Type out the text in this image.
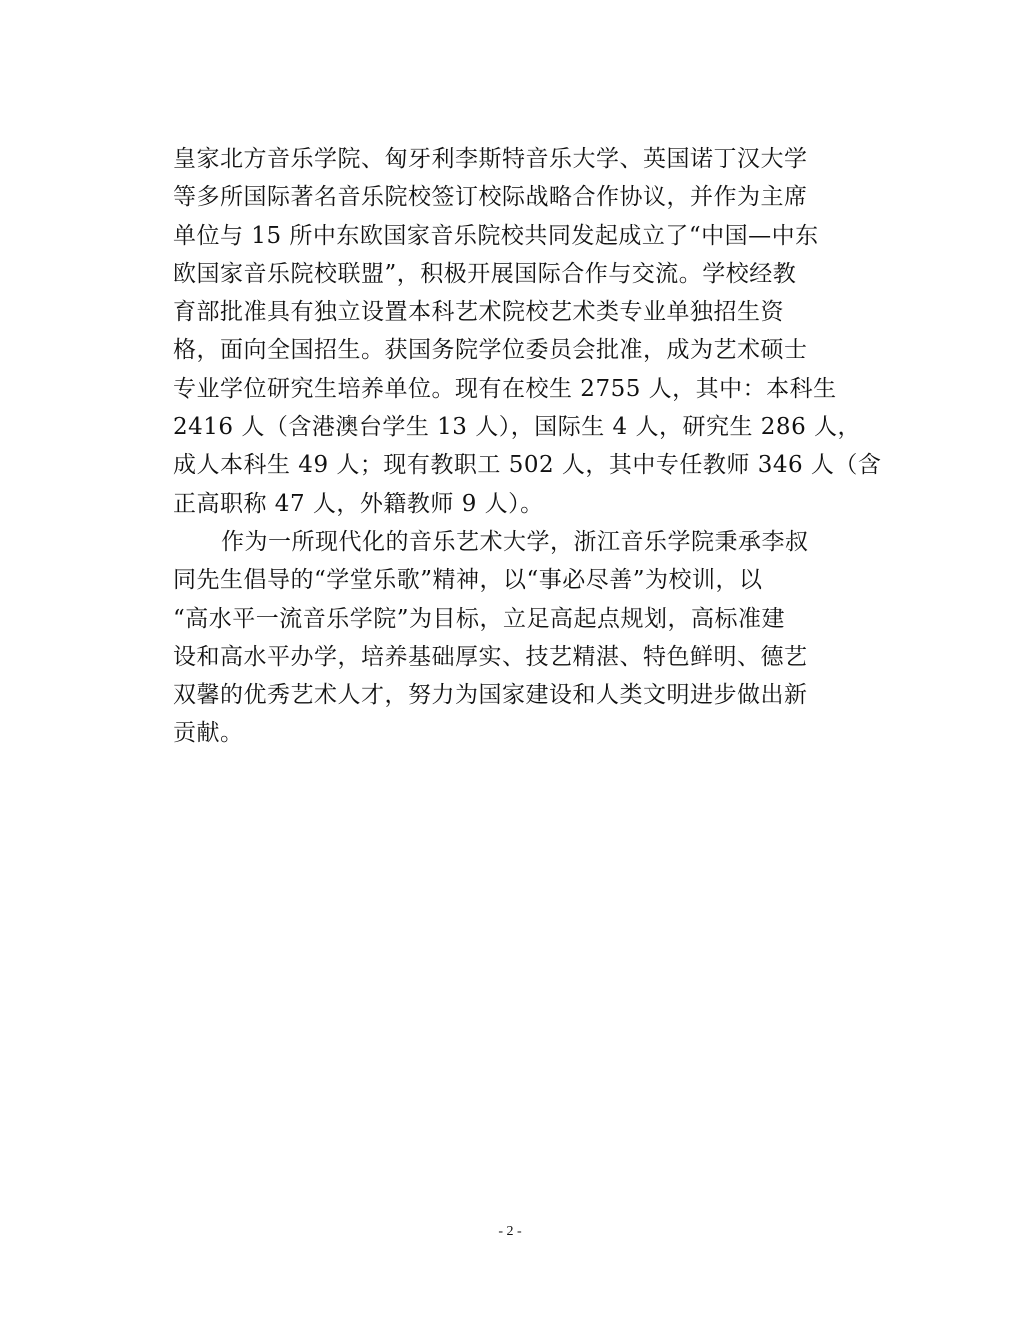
皇家北方音乐学院、匈牙利李斯特音乐大学、英国诺丁汉大学
等多所国际著名音乐院校签订校际战略合作协议，并作为主席
单位与 15 所中东欧国家音乐院校共同发起成立了“中国—中东
欧国家音乐院校联盟”，积极开展国际合作与交流。学校经教
育部批准具有独立设置本科艺术院校艺术类专业单独招生资
格，面向全国招生。获国务院学位委员会批准，成为艺术硕士
专业学位研究生培养单位。现有在校生 2755 人，其中：本科生
2416 人（含港澳台学生 13 人），国际生 4 人，研究生 286 人，
成人本科生 49 人；现有教职工 502 人，其中专任教师 346 人（含
正高职称 47 人，外籍教师 9 人）。
作为一所现代化的音乐艺术大学，浙江音乐学院秉承李叔
同先生倡导的“学堂乐歌”精神，以“事必尽善”为校训，以
“高水平一流音乐学院”为目标，立足高起点规划，高标准建
设和高水平办学，培养基础厚实、技艺精湛、特色鲜明、德艺
双馨的优秀艺术人才，努力为国家建设和人类文明进步做出新
贡献。
- 2 -
